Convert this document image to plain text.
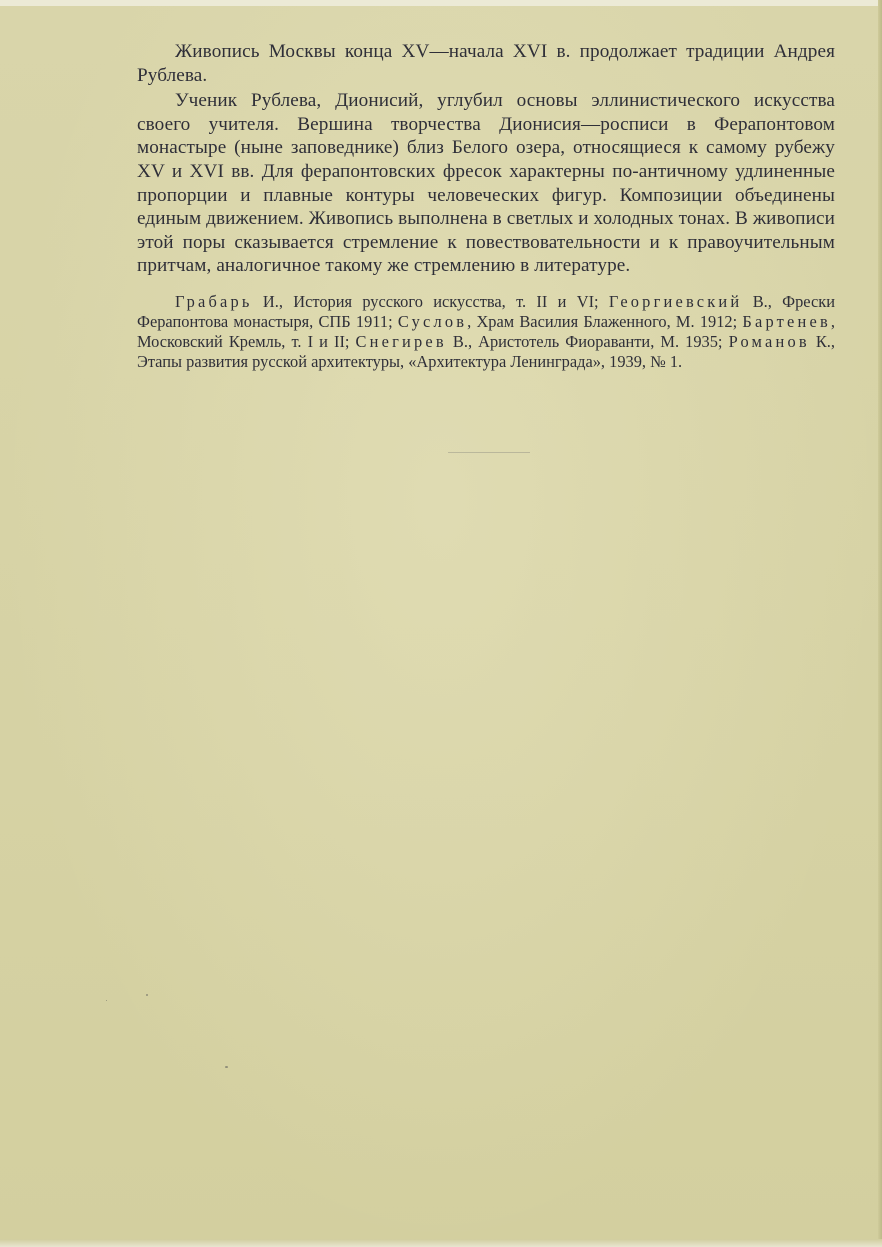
Живопись Москвы конца XV—начала XVI в. продолжает традиции Андрея Рублева.

Ученик Рублева, Дионисий, углубил основы эллинистического искусства своего учителя. Вершина творчества Дионисия—росписи в Ферапонтовом монастыре (ныне заповеднике) близ Белого озера, относящиеся к самому рубежу XV и XVI вв. Для ферапонтовских фресок характерны по-античному удлиненные пропорции и плавные контуры человеческих фигур. Композиции объединены единым движением. Живопись выполнена в светлых и холодных тонах. В живописи этой поры сказывается стремление к повествовательности и к правоучительным притчам, аналогичное такому же стремлению в литературе.

Грабарь И., История русского искусства, т. II и VI; Георгиевский В., Фрески Ферапонтова монастыря, СПБ 1911; Суслов, Храм Василия Блаженного, М. 1912; Бартенев, Московский Кремль, т. I и II; Снегирев В., Аристотель Фиораванти, М. 1935; Романов К., Этапы развития русской архитектуры, «Архитектура Ленинграда», 1939, № 1.
